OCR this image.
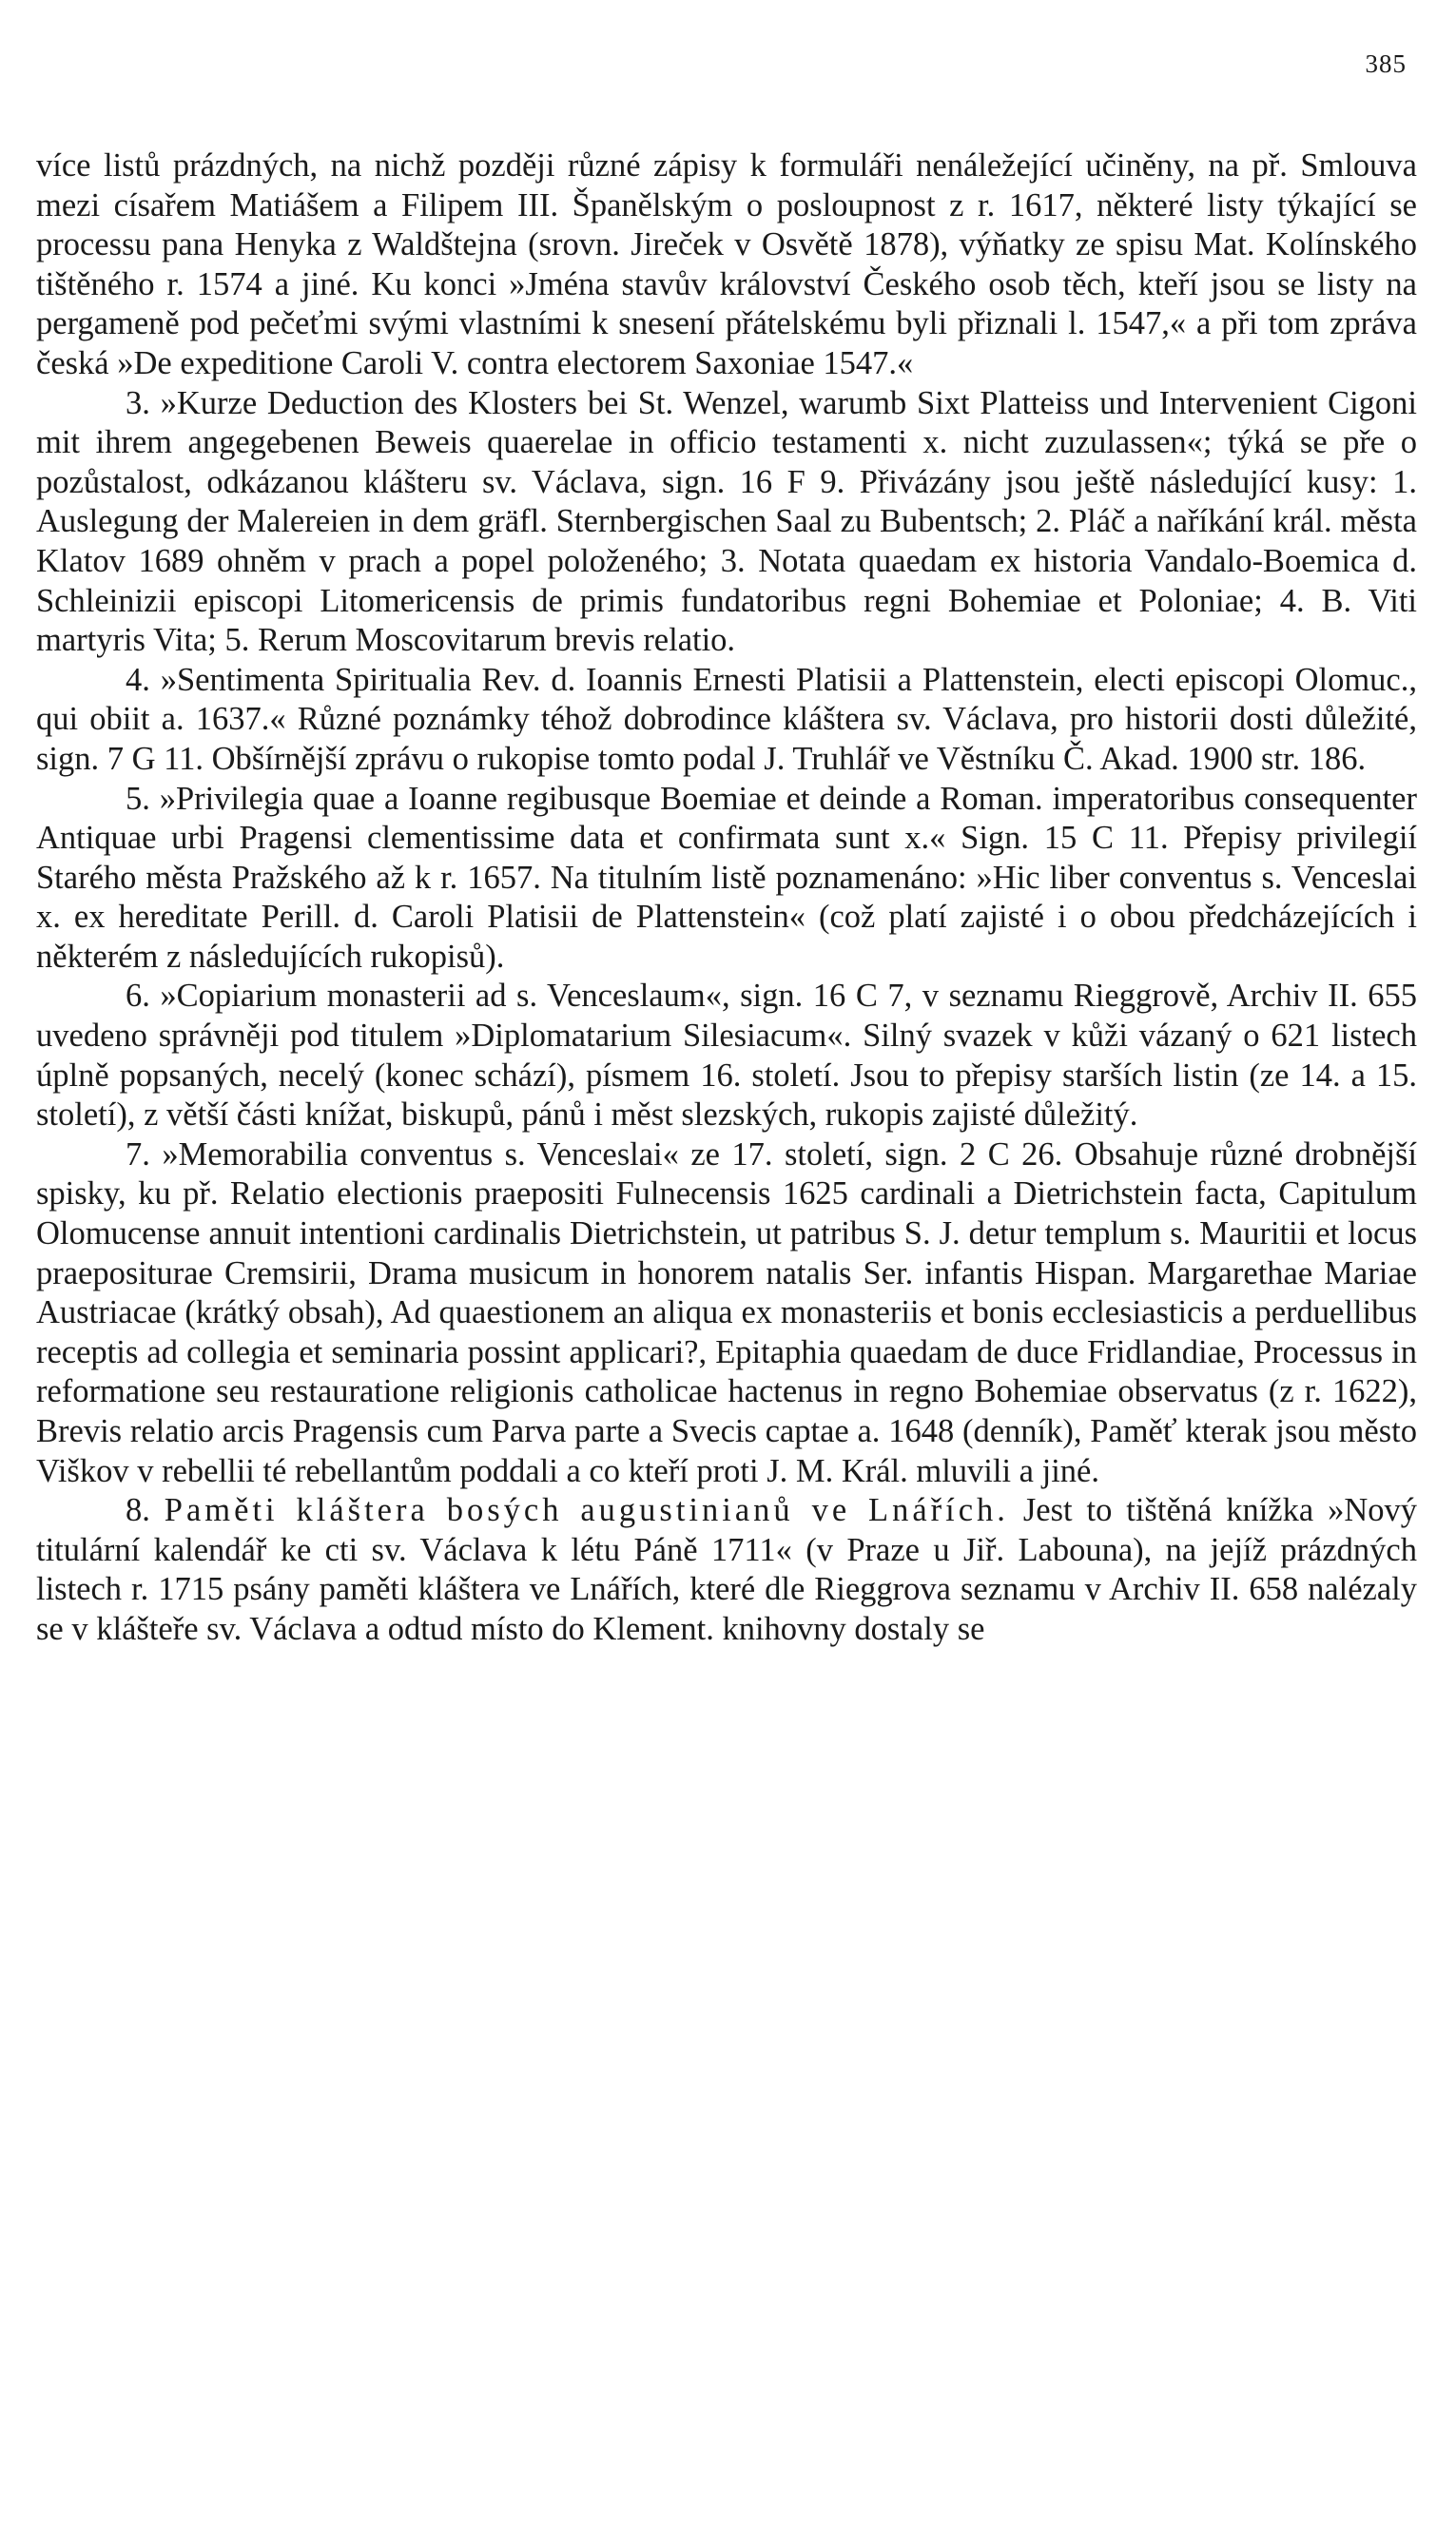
385

více listů prázdných, na nichž později různé zápisy k formuláři nenáležející učiněny, na př. Smlouva mezi císařem Matiášem a Filipem III. Španělským o posloupnost z r. 1617, některé listy týkající se processu pana Henyka z Waldštejna (srovn. Jireček v Osvětě 1878), výňatky ze spisu Mat. Kolínského tištěného r. 1574 a jiné. Ku konci »Jména stavův království Českého osob těch, kteří jsou se listy na pergameně pod pečeťmi svými vlastními k snesení přátelskému byli přiznali l. 1547,« a při tom zpráva česká »De expeditione Caroli V. contra electorem Saxoniae 1547.«

3. »Kurze Deduction des Klosters bei St. Wenzel, warumb Sixt Platteiss und Intervenient Cigoni mit ihrem angegebenen Beweis quaerelae in officio testamenti x. nicht zuzulassen«; týká se pře o pozůstalost, odkázanou klášteru sv. Václava, sign. 16 F 9. Přivázány jsou ještě následující kusy: 1. Auslegung der Malereien in dem gräfl. Sternbergischen Saal zu Bubentsch; 2. Pláč a naříkání král. města Klatov 1689 ohněm v prach a popel položeného; 3. Notata quaedam ex historia Vandalo-Boemica d. Schleinizii episcopi Litomericensis de primis fundatoribus regni Bohemiae et Poloniae; 4. B. Viti martyris Vita; 5. Rerum Moscovitarum brevis relatio.

4. »Sentimenta Spiritualia Rev. d. Ioannis Ernesti Platisii a Plattenstein, electi episcopi Olomuc., qui obiit a. 1637.« Různé poznámky téhož dobrodince kláštera sv. Václava, pro historii dosti důležité, sign. 7 G 11. Obšírnější zprávu o rukopise tomto podal J. Truhlář ve Věstníku Č. Akad. 1900 str. 186.

5. »Privilegia quae a Ioanne regibusque Boemiae et deinde a Roman. imperatoribus consequenter Antiquae urbi Pragensi clementissime data et confirmata sunt x.« Sign. 15 C 11. Přepisy privilegií Starého města Pražského až k r. 1657. Na titulním listě poznamenáno: »Hic liber conventus s. Venceslai x. ex hereditate Perill. d. Caroli Platisii de Plattenstein« (což platí zajisté i o obou předcházejících i některém z následujících rukopisů).

6. »Copiarium monasterii ad s. Venceslaum«, sign. 16 C 7, v seznamu Rieggrově, Archiv II. 655 uvedeno správněji pod titulem »Diplomatarium Silesiacum«. Silný svazek v kůži vázaný o 621 listech úplně popsaných, necelý (konec schází), písmem 16. století. Jsou to přepisy starších listin (ze 14. a 15. století), z větší části knížat, biskupů, pánů i měst slezských, rukopis zajisté důležitý.

7. »Memorabilia conventus s. Venceslai« ze 17. století, sign. 2 C 26. Obsahuje různé drobnější spisky, ku př. Relatio electionis praepositi Fulnecensis 1625 cardinali a Dietrichstein facta, Capitulum Olomucense annuit intentioni cardinalis Dietrichstein, ut patribus S. J. detur templum s. Mauritii et locus praepositurae Cremsirii, Drama musicum in honorem natalis Ser. infantis Hispan. Margarethae Mariae Austriacae (krátký obsah), Ad quaestionem an aliqua ex monasteriis et bonis ecclesiasticis a perduellibus receptis ad collegia et seminaria possint applicari?, Epitaphia quaedam de duce Fridlandiae, Processus in reformatione seu restauratione religionis catholicae hactenus in regno Bohemiae observatus (z r. 1622), Brevis relatio arcis Pragensis cum Parva parte a Svecis captae a. 1648 (denník), Paměť kterak jsou město Viškov v rebellii té rebellantům poddali a co kteří proti J. M. Král. mluvili a jiné.

8. Paměti kláštera bosých augustinianů ve Lnářích. Jest to tištěná knížka »Nový titulární kalendář ke cti sv. Václava k létu Páně 1711« (v Praze u Jiř. Labouna), na jejíž prázdných listech r. 1715 psány paměti kláštera ve Lnářích, které dle Rieggrova seznamu v Archiv II. 658 nalézaly se v klášteře sv. Václava a odtud místo do Klement. knihovny dostaly se
